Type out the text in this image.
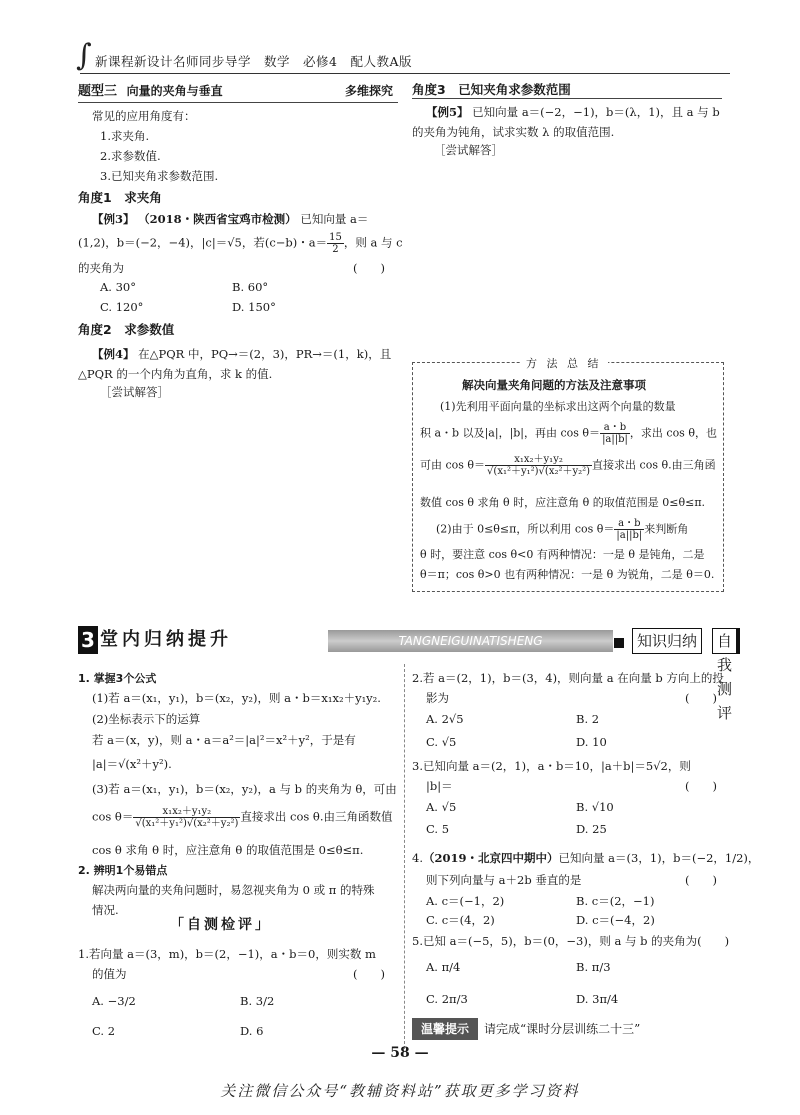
∫ 新课程新设计名师同步导学　数学　必修4　配人教A版
题型三 向量的夹角与垂直	多维探究
常见的应用角度有：
1.求夹角.
2.求参数值.
3.已知夹角求参数范围.
角度1　求夹角
【例3】 （2018・陕西省宝鸡市检测） 已知向量 a＝
(1,2)，b＝(−2，−4)，|c|＝√5，若(c−b)・$a= \frac{15}{2}$ ，则 a 与 c
的夹角为	(　　)
A. 30°	B. 60°
C. 120°	D. 150°
角度2　求参数值
【例4】 在△PQR 中，PQ→＝(2，3)，PR→＝(1，k)，且
△PQR 的一个内角为直角，求 k 的值.
［尝试解答］
角度3　已知夹角求参数范围
【例5】 已知向量 a＝(−2，−1)，b＝(λ，1)，且 a 与 b
的夹角为钝角，试求实数 λ 的取值范围.
［尝试解答］
方 法 总 结
解决向量夹角问题的方法及注意事项
(1)先利用平面向量的坐标求出这两个向量的数量
积 a・b 以及|a|，|b|，再由 $\cos \theta= \frac{a・b}{|a||b|}$ ，求出 cos θ，也
可由 $\cos \theta= \frac{\text{x₁x₂＋y₁y₂}}{\text{√(x₁²＋y₁²)√(x₂²＋y₂²)}}$ 直接求出 cos θ.由三角函
数值 cos θ 求角 θ 时，应注意角 θ 的取值范围是 0≤θ≤π.
(2)由于 0≤θ≤π，所以利用 $\cos \theta= \frac{a・b}{|a||b|}$ 来判断角
θ 时，要注意 cos θ<0 有两种情况：一是 θ 是钝角，二是
θ＝π；cos θ>0 也有两种情况：一是 θ 为锐角，二是 θ＝0.
3 堂内归纳提升	TANGNEIGUINATISHENG	知识归纳	自我测评
1. 掌握3个公式
(1)若 a＝(x₁，y₁)，b＝(x₂，y₂)，则 a・b＝x₁x₂＋y₁y₂.
(2)坐标表示下的运算
若 a＝(x，y)，则 a・a＝a²＝|a|²＝x²＋y²，于是有
|a|＝√(x²＋y²).
(3)若 a＝(x₁，y₁)，b＝(x₂，y₂)，a 与 b 的夹角为 θ，可由
$\cos \theta= \frac{\text{x₁x₂＋y₁y₂}}{\text{√(x₁²＋y₁²)√(x₂²＋y₂²)}}$ 直接求出 cos θ.由三角函数值
cos θ 求角 θ 时，应注意角 θ 的取值范围是 0≤θ≤π.
2. 辨明1个易错点
解决两向量的夹角问题时，易忽视夹角为 0 或 π 的特殊
情况.
「自测检评」
1.若向量 a＝(3，m)，b＝(2，−1)，a・b＝0，则实数 m
的值为	(　　)
A. −3/2	B. 3/2
C. 2	D. 6
2.若 a＝(2，1)，b＝(3，4)，则向量 a 在向量 b 方向上的投
影为	(　　)
A. 2√5	B. 2
C. √5	D. 10
3.已知向量 a＝(2，1)，a・b＝10，|a＋b|＝5√2，则
|b|＝	(　　)
A. √5	B. √10
C. 5	D. 25
4.（2019・北京四中期中）已知向量 a＝(3，1)，b＝(−2，1/2)，
则下列向量与 a＋2b 垂直的是	(　　)
A. c＝(−1，2)	B. c＝(2，−1)
C. c＝(4，2)	D. c＝(−4，2)
5.已知 a＝(−5，5)，b＝(0，−3)，则 a 与 b 的夹角为(　　)
A. π/4	B. π/3
C. 2π/3	D. 3π/4
温馨提示	请完成“课时分层训练二十三”
— 58 —
关注微信公众号“教辅资料站”获取更多学习资料
